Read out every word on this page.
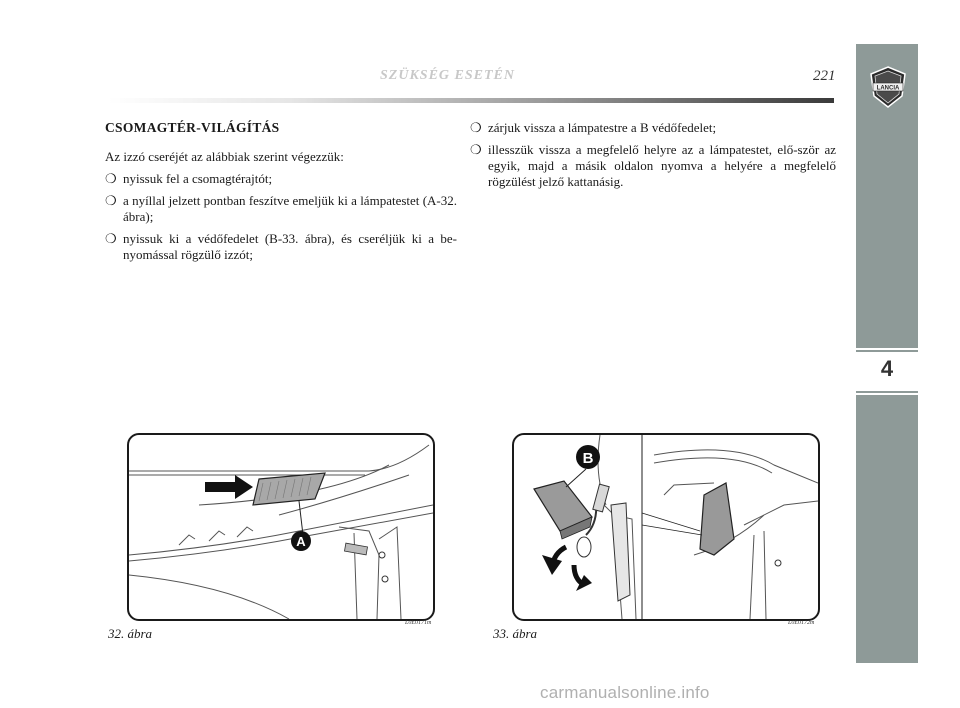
SZÜKSÉG ESETÉN	221
4
LANCIA
CSOMAGTÉR-VILÁGÍTÁS
Az izzó cseréjét az alábbiak szerint végezzük:
❍ nyissuk fel a csomagtérajtót;
❍ a nyíllal jelzett pontban feszítve emeljük ki a lámpatestet (A-32. ábra);
❍ nyissuk ki a védőfedelet (B-33. ábra), és cseréljük ki a be-nyomással rögzülő izzót;
❍ zárjuk vissza a lámpatestre a B védőfedelet;
❍ illesszük vissza a megfelelő helyre az a lámpatestet, elő-ször az egyik, majd a másik oldalon nyomva a helyére a megfelelő rögzülést jelző kattanásig.
A
32. ábra
L0E0171m
B
33. ábra
L0E0172m
carmanualsonline.info
